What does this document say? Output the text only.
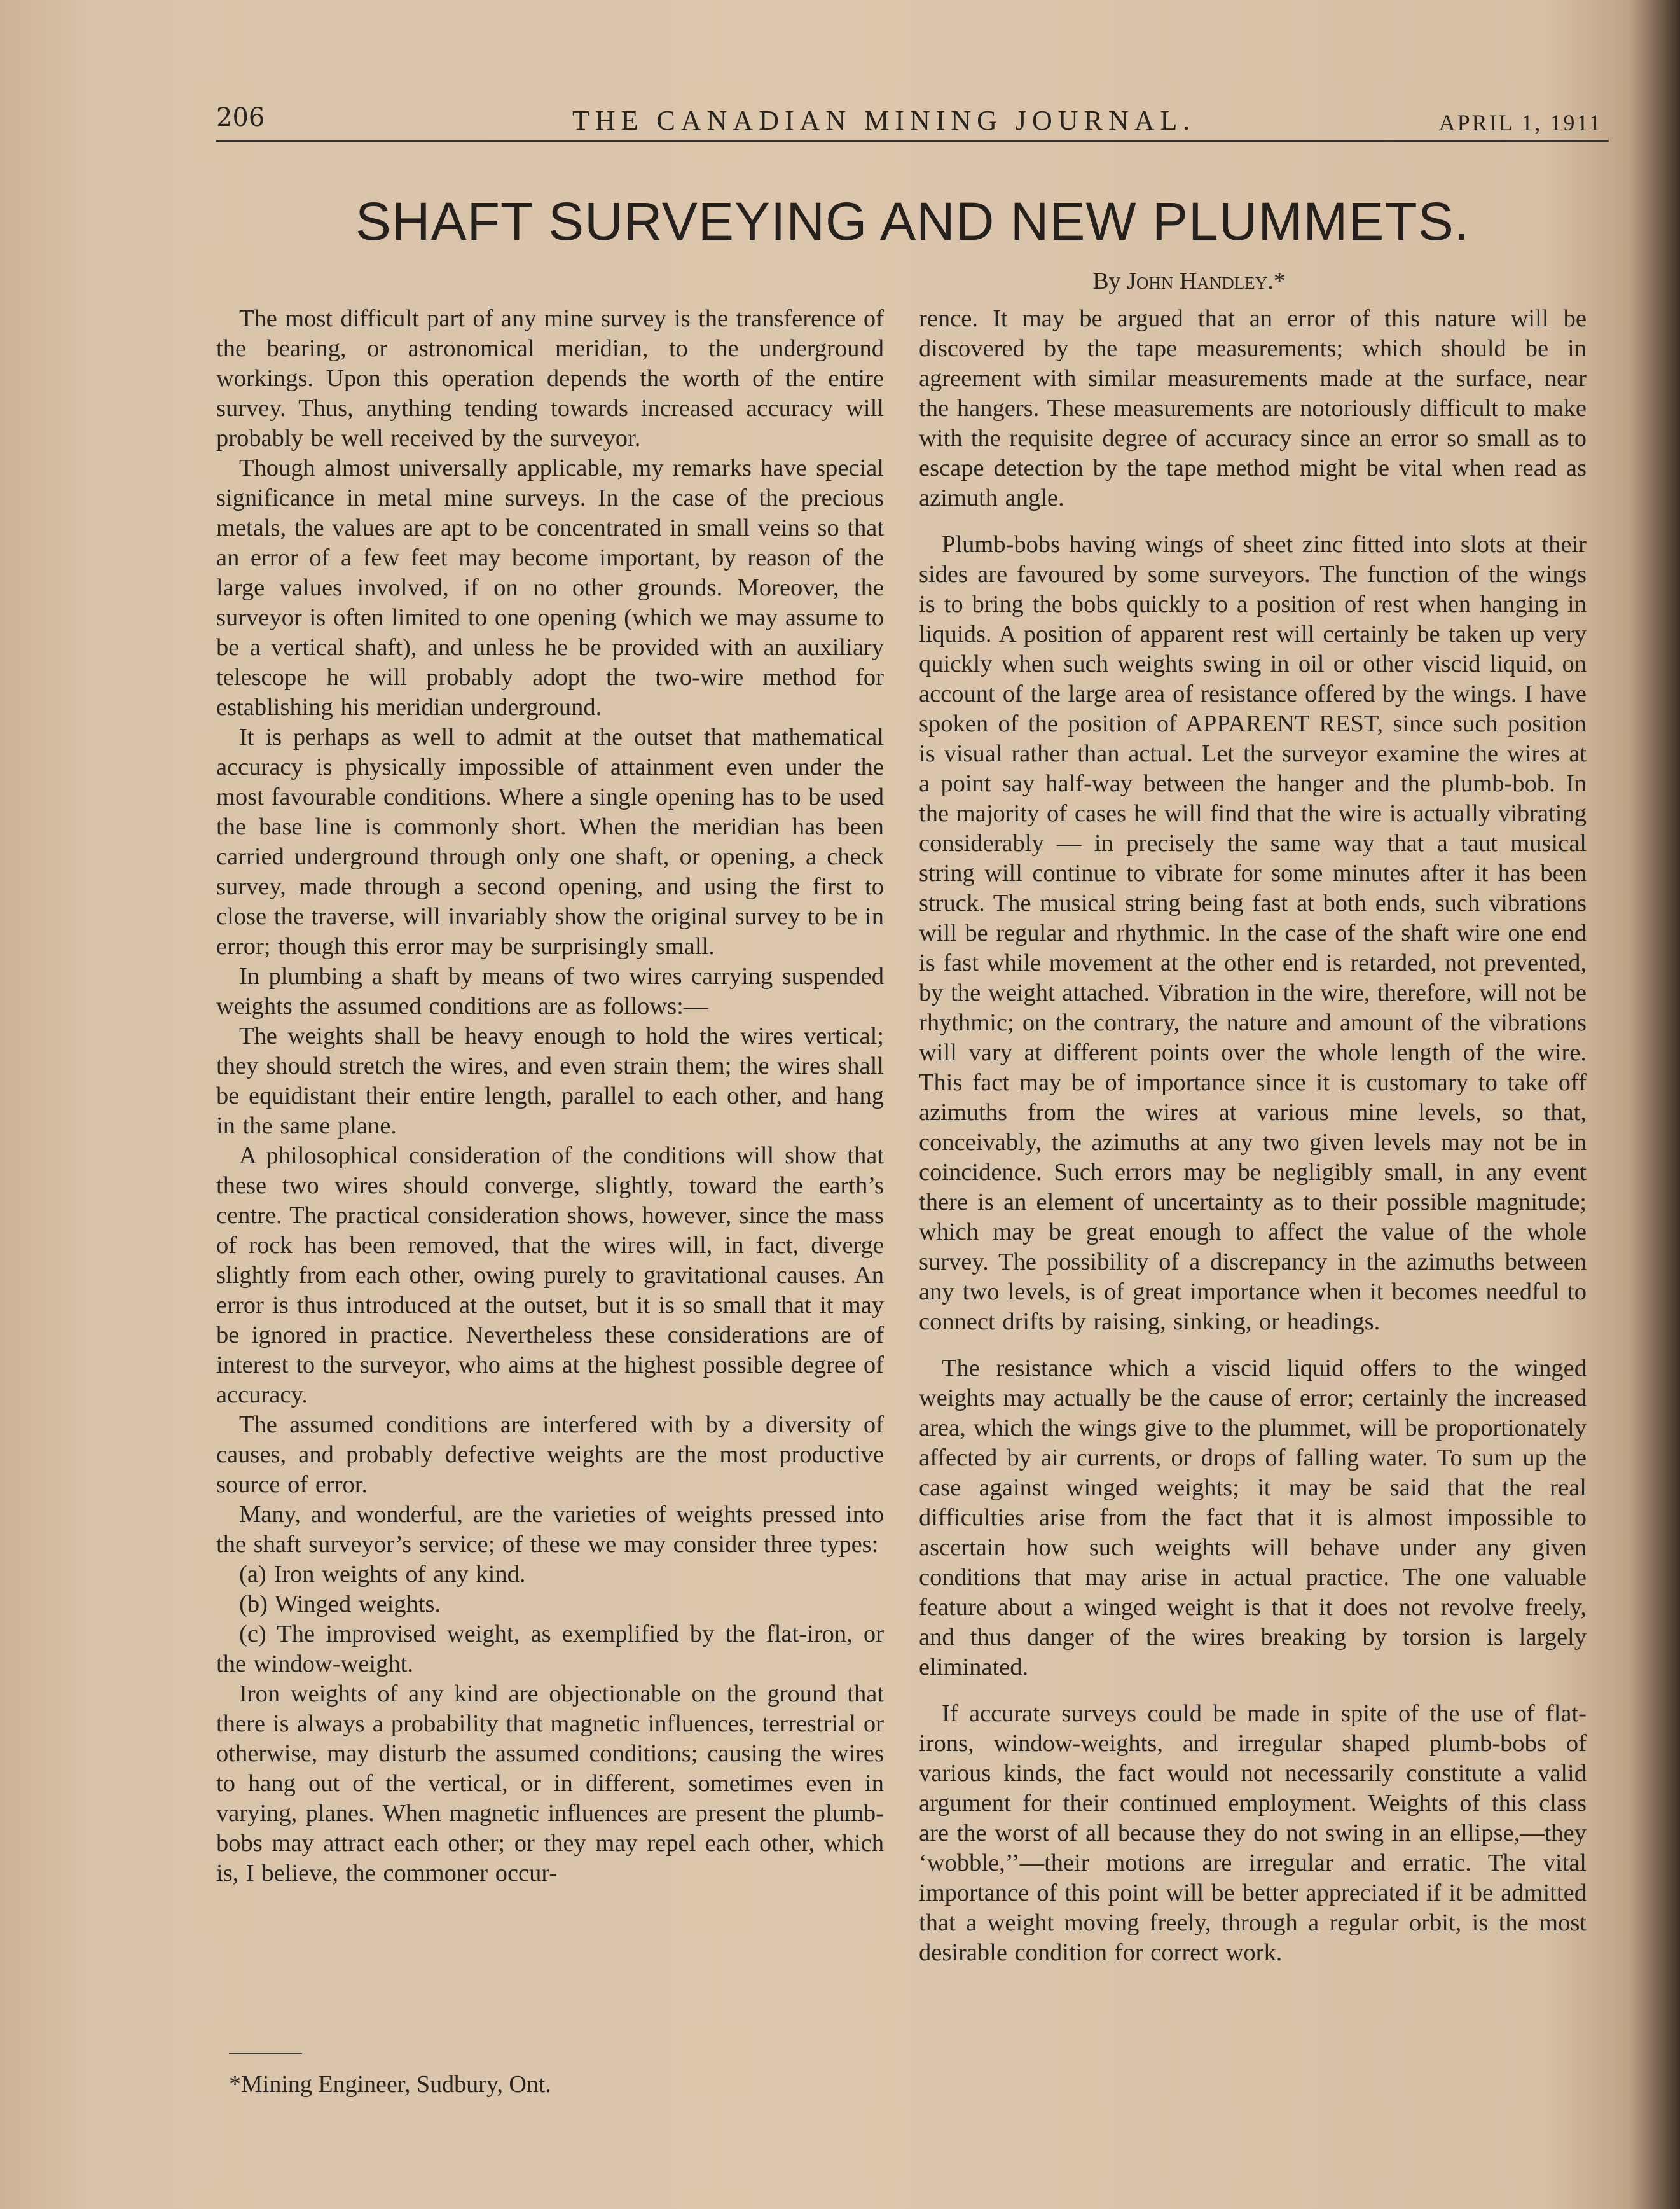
206	THE CANADIAN MINING JOURNAL.	APRIL 1, 1911
SHAFT SURVEYING AND NEW PLUMMETS.
By John Handley.*

The most difficult part of any mine survey is the transference of the bearing, or astronomical meridian, to the underground workings. Upon this operation depends the worth of the entire survey. Thus, anything tending towards increased accuracy will probably be well received by the surveyor.

Though almost universally applicable, my remarks have special significance in metal mine surveys. In the case of the precious metals, the values are apt to be concentrated in small veins so that an error of a few feet may become important, by reason of the large values involved, if on no other grounds. Moreover, the surveyor is often limited to one opening (which we may assume to be a vertical shaft), and unless he be provided with an auxiliary telescope he will probably adopt the two-wire method for establishing his meridian underground.

It is perhaps as well to admit at the outset that mathematical accuracy is physically impossible of attainment even under the most favourable conditions. Where a single opening has to be used the base line is commonly short. When the meridian has been carried underground through only one shaft, or opening, a check survey, made through a second opening, and using the first to close the traverse, will invariably show the original survey to be in error; though this error may be surprisingly small.

In plumbing a shaft by means of two wires carrying suspended weights the assumed conditions are as follows:—

The weights shall be heavy enough to hold the wires vertical; they should stretch the wires, and even strain them; the wires shall be equidistant their entire length, parallel to each other, and hang in the same plane.

A philosophical consideration of the conditions will show that these two wires should converge, slightly, toward the earth’s centre. The practical consideration shows, however, since the mass of rock has been removed, that the wires will, in fact, diverge slightly from each other, owing purely to gravitational causes. An error is thus introduced at the outset, but it is so small that it may be ignored in practice. Nevertheless these considerations are of interest to the surveyor, who aims at the highest possible degree of accuracy.

The assumed conditions are interfered with by a diversity of causes, and probably defective weights are the most productive source of error.

Many, and wonderful, are the varieties of weights pressed into the shaft surveyor’s service; of these we may consider three types:

(a) Iron weights of any kind.

(b) Winged weights.

(c) The improvised weight, as exemplified by the flat-iron, or the window-weight.

Iron weights of any kind are objectionable on the ground that there is always a probability that magnetic influences, terrestrial or otherwise, may disturb the assumed conditions; causing the wires to hang out of the vertical, or in different, sometimes even in varying, planes. When magnetic influences are present the plumb-bobs may attract each other; or they may repel each other, which is, I believe, the commoner occur-

rence. It may be argued that an error of this nature will be discovered by the tape measurements; which should be in agreement with similar measurements made at the surface, near the hangers. These measurements are notoriously difficult to make with the requisite degree of accuracy since an error so small as to escape detection by the tape method might be vital when read as azimuth angle.

Plumb-bobs having wings of sheet zinc fitted into slots at their sides are favoured by some surveyors. The function of the wings is to bring the bobs quickly to a position of rest when hanging in liquids. A position of apparent rest will certainly be taken up very quickly when such weights swing in oil or other viscid liquid, on account of the large area of resistance offered by the wings. I have spoken of the position of APPARENT REST, since such position is visual rather than actual. Let the surveyor examine the wires at a point say half-way between the hanger and the plumb-bob. In the majority of cases he will find that the wire is actually vibrating considerably — in precisely the same way that a taut musical string will continue to vibrate for some minutes after it has been struck. The musical string being fast at both ends, such vibrations will be regular and rhythmic. In the case of the shaft wire one end is fast while movement at the other end is retarded, not prevented, by the weight attached. Vibration in the wire, therefore, will not be rhythmic; on the contrary, the nature and amount of the vibrations will vary at different points over the whole length of the wire. This fact may be of importance since it is customary to take off azimuths from the wires at various mine levels, so that, conceivably, the azimuths at any two given levels may not be in coincidence. Such errors may be negligibly small, in any event there is an element of uncertainty as to their possible magnitude; which may be great enough to affect the value of the whole survey. The possibility of a discrepancy in the azimuths between any two levels, is of great importance when it becomes needful to connect drifts by raising, sinking, or headings.

The resistance which a viscid liquid offers to the winged weights may actually be the cause of error; certainly the increased area, which the wings give to the plummet, will be proportionately affected by air currents, or drops of falling water. To sum up the case against winged weights; it may be said that the real difficulties arise from the fact that it is almost impossible to ascertain how such weights will behave under any given conditions that may arise in actual practice. The one valuable feature about a winged weight is that it does not revolve freely, and thus danger of the wires breaking by torsion is largely eliminated.

If accurate surveys could be made in spite of the use of flat-irons, window-weights, and irregular shaped plumb-bobs of various kinds, the fact would not necessarily constitute a valid argument for their continued employment. Weights of this class are the worst of all because they do not swing in an ellipse,—they ‘wobble,’’—their motions are irregular and erratic. The vital importance of this point will be better appreciated if it be admitted that a weight moving freely, through a regular orbit, is the most desirable condition for correct work.

*Mining Engineer, Sudbury, Ont.
